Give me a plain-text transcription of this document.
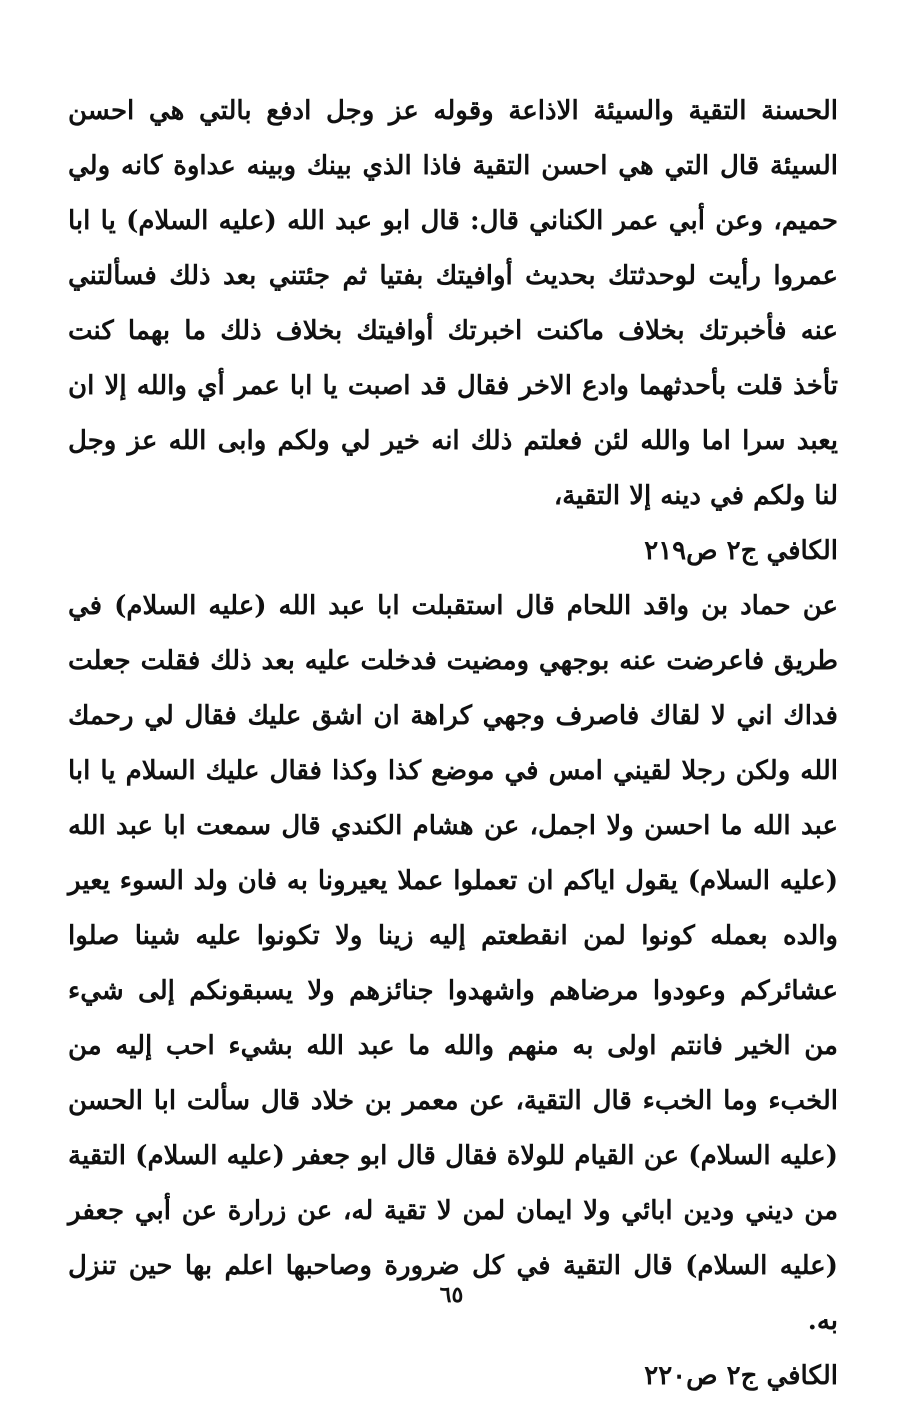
الحسنة التقية والسيئة الاذاعة وقوله عز وجل ادفع بالتي هي احسن السيئة قال التي هي احسن التقية فاذا الذي بينك وبينه عداوة كانه ولي حميم، وعن أبي عمر الكناني قال: قال ابو عبد الله (عليه السلام) يا ابا عمروا رأيت لوحدثتك بحديث أوافيتك بفتيا ثم جئتني بعد ذلك فسألتني عنه فأخبرتك بخلاف ماكنت اخبرتك أوافيتك بخلاف ذلك ما بهما كنت تأخذ قلت بأحدثهما وادع الاخر فقال قد اصبت يا ابا عمر أي والله إلا ان يعبد سرا اما والله لئن فعلتم ذلك انه خير لي ولكم وابى الله عز وجل لنا ولكم في دينه إلا التقية،

الكافي ج٢ ص٢١٩

عن حماد بن واقد اللحام قال استقبلت ابا عبد الله (عليه السلام) في طريق فاعرضت عنه بوجهي ومضيت فدخلت عليه بعد ذلك فقلت جعلت فداك اني لا لقاك فاصرف وجهي كراهة ان اشق عليك فقال لي رحمك الله ولكن رجلا لقيني امس في موضع كذا وكذا فقال عليك السلام يا ابا عبد الله ما احسن ولا اجمل، عن هشام الكندي قال سمعت ابا عبد الله (عليه السلام) يقول اياكم ان تعملوا عملا يعيرونا به فان ولد السوء يعير والده بعمله كونوا لمن انقطعتم إليه زينا ولا تكونوا عليه شينا صلوا عشائركم وعودوا مرضاهم واشهدوا جنائزهم ولا يسبقونكم إلى شيء من الخير فانتم اولى به منهم والله ما عبد الله بشيء احب إليه من الخبء وما الخبء قال التقية، عن معمر بن خلاد قال سألت ابا الحسن (عليه السلام) عن القيام للولاة فقال قال ابو جعفر (عليه السلام) التقية من ديني ودين ابائي ولا ايمان لمن لا تقية له، عن زرارة عن أبي جعفر (عليه السلام) قال التقية في كل ضرورة وصاحبها اعلم بها حين تنزل به.

الكافي ج٢ ص٢٢٠

٦٥
